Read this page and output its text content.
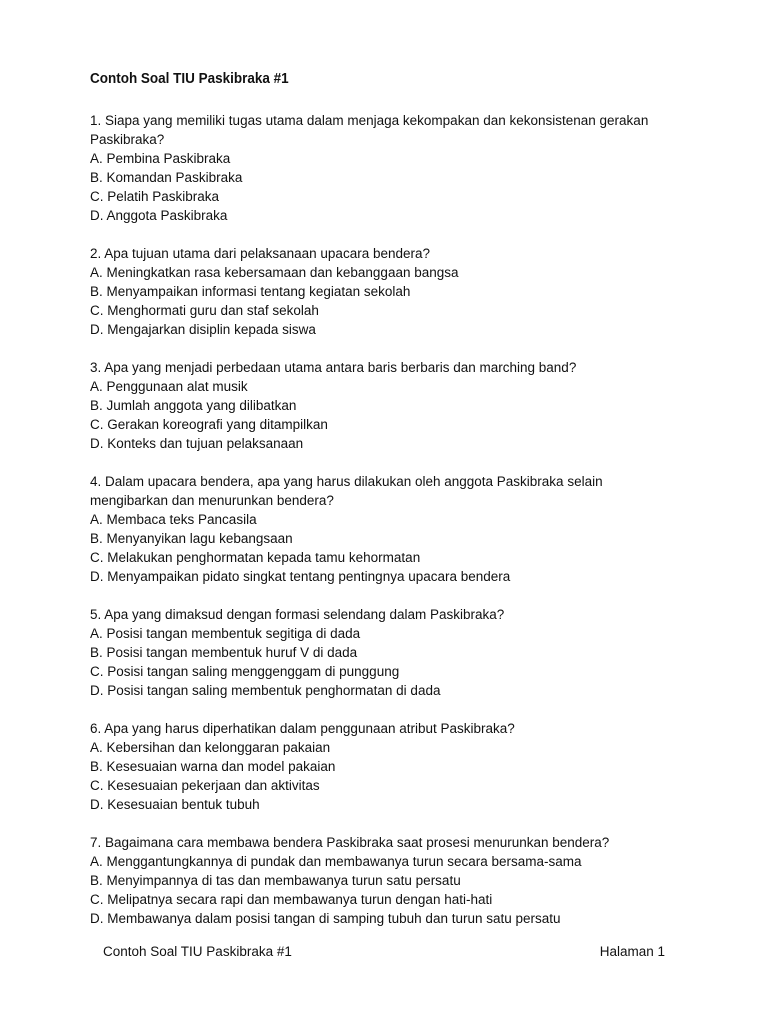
Contoh Soal TIU Paskibraka #1
1. Siapa yang memiliki tugas utama dalam menjaga kekompakan dan kekonsistenan gerakan
Paskibraka?
A. Pembina Paskibraka
B. Komandan Paskibraka
C. Pelatih Paskibraka
D. Anggota Paskibraka
2. Apa tujuan utama dari pelaksanaan upacara bendera?
A. Meningkatkan rasa kebersamaan dan kebanggaan bangsa
B. Menyampaikan informasi tentang kegiatan sekolah
C. Menghormati guru dan staf sekolah
D. Mengajarkan disiplin kepada siswa
3. Apa yang menjadi perbedaan utama antara baris berbaris dan marching band?
A. Penggunaan alat musik
B. Jumlah anggota yang dilibatkan
C. Gerakan koreografi yang ditampilkan
D. Konteks dan tujuan pelaksanaan
4. Dalam upacara bendera, apa yang harus dilakukan oleh anggota Paskibraka selain
mengibarkan dan menurunkan bendera?
A. Membaca teks Pancasila
B. Menyanyikan lagu kebangsaan
C. Melakukan penghormatan kepada tamu kehormatan
D. Menyampaikan pidato singkat tentang pentingnya upacara bendera
5. Apa yang dimaksud dengan formasi selendang dalam Paskibraka?
A. Posisi tangan membentuk segitiga di dada
B. Posisi tangan membentuk huruf V di dada
C. Posisi tangan saling menggenggam di punggung
D. Posisi tangan saling membentuk penghormatan di dada
6. Apa yang harus diperhatikan dalam penggunaan atribut Paskibraka?
A. Kebersihan dan kelonggaran pakaian
B. Kesesuaian warna dan model pakaian
C. Kesesuaian pekerjaan dan aktivitas
D. Kesesuaian bentuk tubuh
7. Bagaimana cara membawa bendera Paskibraka saat prosesi menurunkan bendera?
A. Menggantungkannya di pundak dan membawanya turun secara bersama-sama
B. Menyimpannya di tas dan membawanya turun satu persatu
C. Melipatnya secara rapi dan membawanya turun dengan hati-hati
D. Membawanya dalam posisi tangan di samping tubuh dan turun satu persatu
Contoh Soal TIU Paskibraka #1	Halaman 1
